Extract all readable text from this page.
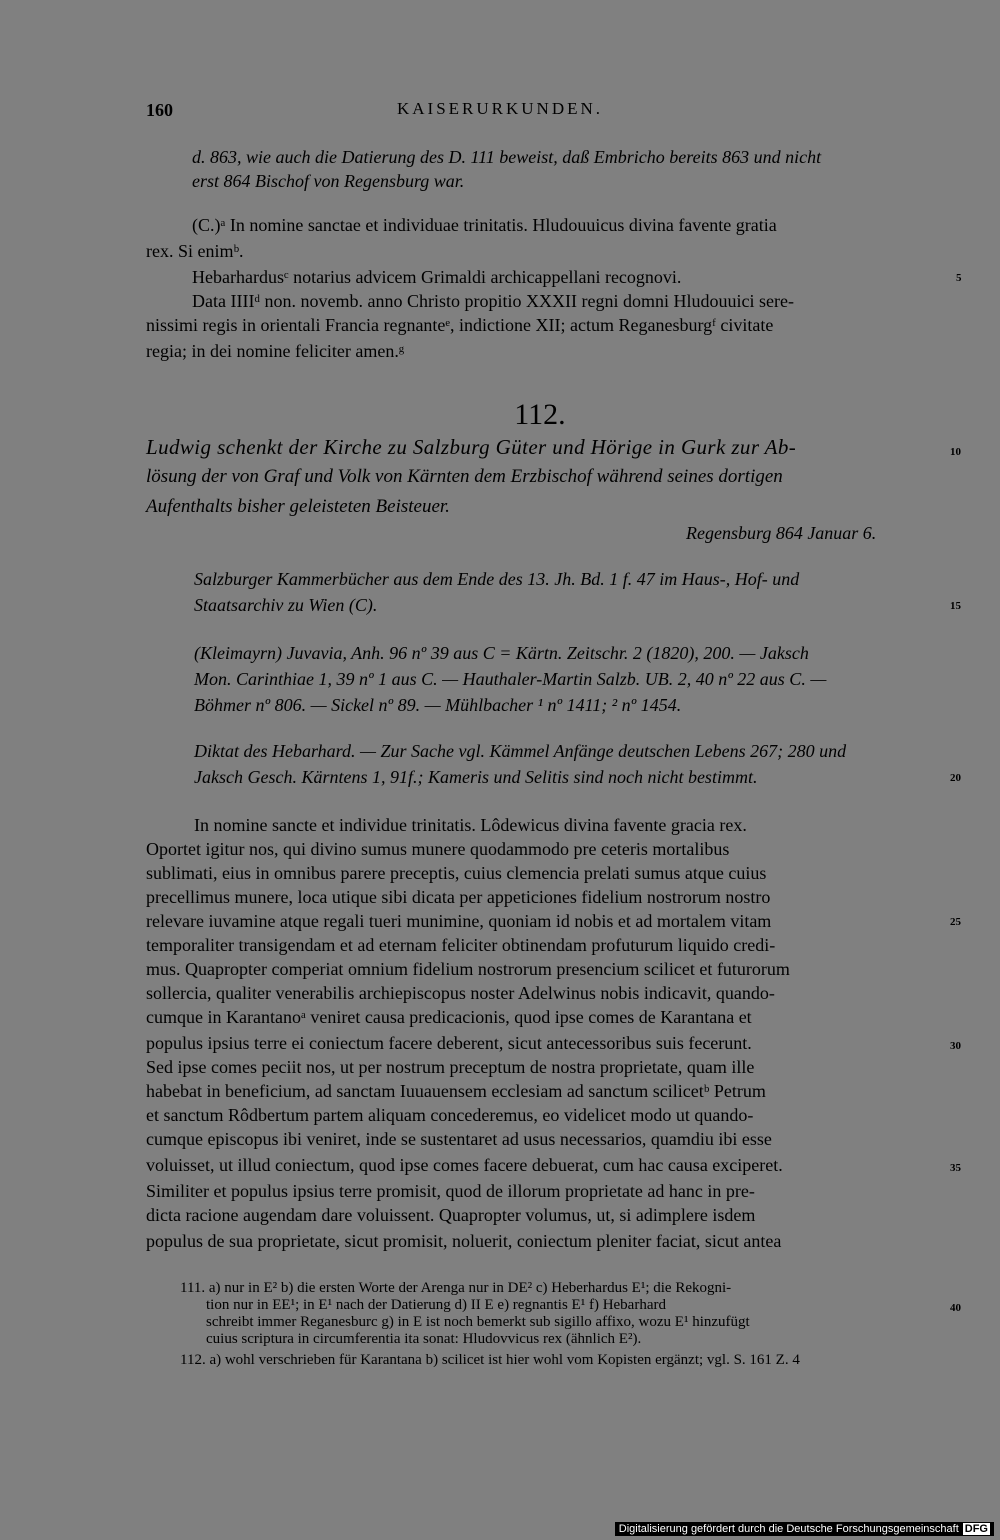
160	KAISERURKUNDEN.
d. 863, wie auch die Datierung des D. 111 beweist, daß Embricho bereits 863 und nicht
erst 864 Bischof von Regensburg war.
(C.)ᵃ In nomine sanctae et individuae trinitatis. Hludouuicus divina favente gratia
rex. Si enimᵇ.
Hebarhardusᶜ notarius advicem Grimaldi archicappellani recognovi.
Data IIIIᵈ non. novemb. anno Christo propitio XXXII regni domni Hludouuici sere-
nissimi regis in orientali Francia regnanteᵉ, indictione XII; actum Reganesburgᶠ civitate
regia; in dei nomine feliciter amen.ᵍ
112.
Ludwig schenkt der Kirche zu Salzburg Güter und Hörige in Gurk zur Ab-
lösung der von Graf und Volk von Kärnten dem Erzbischof während seines dortigen
Aufenthalts bisher geleisteten Beisteuer.
Regensburg 864 Januar 6.
Salzburger Kammerbücher aus dem Ende des 13. Jh. Bd. 1 f. 47 im Haus-, Hof- und
Staatsarchiv zu Wien (C).
(Kleimayrn) Juvavia, Anh. 96 nº 39 aus C = Kärtn. Zeitschr. 2 (1820), 200. — Jaksch
Mon. Carinthiae 1, 39 nº 1 aus C. — Hauthaler-Martin Salzb. UB. 2, 40 nº 22 aus C. —
Böhmer nº 806. — Sickel nº 89. — Mühlbacher ¹ nº 1411; ² nº 1454.
Diktat des Hebarhard. — Zur Sache vgl. Kämmel Anfänge deutschen Lebens 267; 280 und
Jaksch Gesch. Kärntens 1, 91f.; Kameris und Selitis sind noch nicht bestimmt.
In nomine sancte et individue trinitatis. Lôdewicus divina favente gracia rex.
Oportet igitur nos, qui divino sumus munere quodammodo pre ceteris mortalibus
sublimati, eius in omnibus parere preceptis, cuius clemencia prelati sumus atque cuius
precellimus munere, loca utique sibi dicata per appeticiones fidelium nostrorum nostro
relevare iuvamine atque regali tueri munimine, quoniam id nobis et ad mortalem vitam
temporaliter transigendam et ad eternam feliciter obtinendam profuturum liquido credi-
mus. Quapropter comperiat omnium fidelium nostrorum presencium scilicet et futurorum
sollercia, qualiter venerabilis archiepiscopus noster Adelwinus nobis indicavit, quando-
cumque in Karantanoᵃ veniret causa predicacionis, quod ipse comes de Karantana et
populus ipsius terre ei coniectum facere deberent, sicut antecessoribus suis fecerunt.
Sed ipse comes peciit nos, ut per nostrum preceptum de nostra proprietate, quam ille
habebat in beneficium, ad sanctam Iuuauensem ecclesiam ad sanctum scilicetᵇ Petrum
et sanctum Rôdbertum partem aliquam concederemus, eo videlicet modo ut quando-
cumque episcopus ibi veniret, inde se sustentaret ad usus necessarios, quamdiu ibi esse
voluisset, ut illud coniectum, quod ipse comes facere debuerat, cum hac causa exciperet.
Similiter et populus ipsius terre promisit, quod de illorum proprietate ad hanc in pre-
dicta racione augendam dare voluissent. Quapropter volumus, ut, si adimplere isdem
populus de sua proprietate, sicut promisit, noluerit, coniectum pleniter faciat, sicut antea
111. a) nur in E² b) die ersten Worte der Arenga nur in DE² c) Heberhardus E¹; die Rekogni-
tion nur in EE¹; in E¹ nach der Datierung d) II E e) regnantis E¹ f) Hebarhard
schreibt immer Reganesburc g) in E ist noch bemerkt sub sigillo affixo, wozu E¹ hinzufügt
cuius scriptura in circumferentia ita sonat: Hludovvicus rex (ähnlich E²).
112. a) wohl verschrieben für Karantana b) scilicet ist hier wohl vom Kopisten ergänzt; vgl. S. 161 Z. 4
5
10
15
20
25
30
35
40
Digitalisierung gefördert durch die Deutsche Forschungsgemeinschaft DFG
